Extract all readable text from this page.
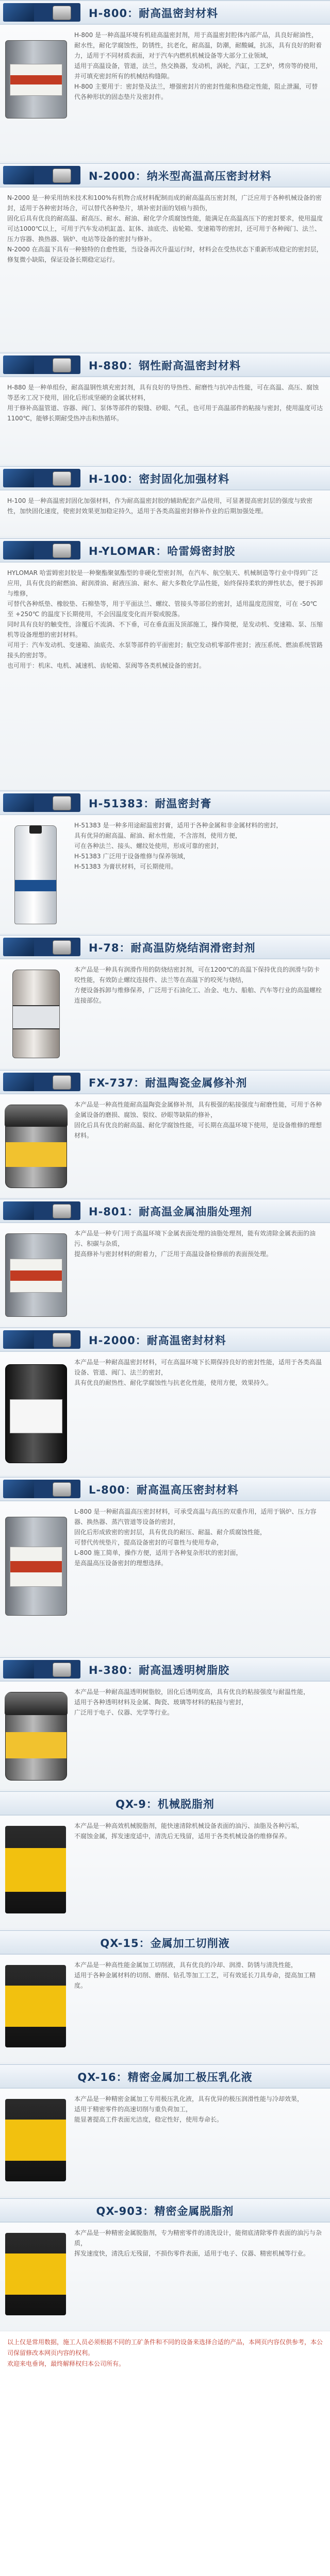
H-800：耐高温密封材料

H-800 是一种高温环境有机硅高温密封剂，用于高温密封腔体内部产品，具良好耐油性，耐水性，耐化学腐蚀性，防锈性，抗老化，耐高温，防潮，耐酸碱，抗冻，具有良好的附着力，适用于不同材质表面，对于汽车内燃机机械设备等大部分工业领域，

适用于高温设备，管道，法兰，热交换器，发动机，涡轮，汽缸，工艺炉，烤房等的使用，并可填充密封所有的机械结构缝隙。

H-800 主要用于：密封垫及法兰，增强密封片的密封性能和热稳定性能，阻止泄漏，可替代各种形状的固态垫片及密封件。

N-2000：纳米型高温高压密封材料

N-2000 是一种采用纳米技术和100%有机物合成材料配制而成的耐高温高压密封剂，广泛应用于各种机械设备的密封，适用于各种密封场合，可以替代各种垫片，填补密封面的划痕与损伤，

固化后具有优良的耐高温、耐高压、耐水、耐油、耐化学介质腐蚀性能，能满足在高温高压下的密封要求，使用温度可达1000℃以上，可用于汽车发动机缸盖、缸体、油底壳、齿轮箱、变速箱等的密封，还可用于各种阀门、法兰、压力容器、换热器、锅炉、电站等设备的密封与修补。

N-2000 在高温下具有一种独特的自愈性能，当设备再次升温运行时，材料会在受热状态下重新形成稳定的密封层，修复微小缺陷，保证设备长期稳定运行。

H-880：钢性耐高温密封材料

H-880 是一种单组份，耐高温钢性填充密封剂，具有良好的导热性、耐磨性与抗冲击性能，可在高温、高压、腐蚀等恶劣工况下使用，固化后形成坚硬的金属状材料，

用于修补高温管道、容器、阀门、泵体等部件的裂缝、砂眼、气孔，也可用于高温部件的粘接与密封，使用温度可达1100℃，能够长期耐受热冲击和热循环。

H-100：密封固化加强材料

H-100 是一种高温密封固化加强材料，作为耐高温密封胶的辅助配套产品使用，可显著提高密封层的强度与致密性，加快固化速度，使密封效果更加稳定持久，适用于各类高温密封修补作业的后期加强处理。

H-YLOMAR：哈雷姆密封胶

HYLOMAR 哈雷姆密封胶是一种聚酯聚氨酯型的非硬化型密封剂，在汽车、航空航天、机械制造等行业中得到广泛应用，具有优良的耐燃油、耐润滑油、耐液压油、耐水、耐大多数化学品性能，始终保持柔软的弹性状态，便于拆卸与维修，

可替代各种纸垫、橡胶垫、石棉垫等，用于平面法兰、螺纹、管接头等部位的密封，适用温度范围宽，可在 -50℃ 至 +250℃ 的温度下长期使用，不会因温度变化而开裂或脱落。

同时具有良好的触变性，涂覆后不流淌、不下垂，可在垂直面及顶部施工，操作简便，是发动机、变速箱、泵、压缩机等设备理想的密封材料。

可用于：汽车发动机、变速箱、油底壳、水泵等部件的平面密封；航空发动机零部件密封；液压系统、燃油系统管路接头的密封等。

也可用于：机床、电机、减速机、齿轮箱、泵阀等各类机械设备的密封。

H-51383：耐温密封膏

H-51383 是一种多用途耐温密封膏，适用于各种金属和非金属材料的密封，

具有优异的耐高温、耐油、耐水性能，不含溶剂，使用方便，

可在各种法兰、接头、螺纹处使用，形成可靠的密封，

H-51383 广泛用于设备维修与保养领域，

H-51383 为膏状材料，可长期使用。

H-78：耐高温防烧结润滑密封剂

本产品是一种具有润滑作用的防烧结密封剂，可在1200℃的高温下保持优良的润滑与防卡咬性能，有效防止螺纹连接件、法兰等在高温下的咬死与烧结，

方便设备拆卸与维修保养，广泛用于石油化工、冶金、电力、船舶、汽车等行业的高温螺栓连接部位。

FX-737：耐温陶瓷金属修补剂

本产品是一种高性能耐高温陶瓷金属修补剂，具有极强的粘接强度与耐磨性能，可用于各种金属设备的磨损、腐蚀、裂纹、砂眼等缺陷的修补，

固化后具有优良的耐高温、耐化学腐蚀性能，可长期在高温环境下使用，是设备维修的理想材料。

H-801：耐高温金属油脂处理剂

本产品是一种专门用于高温环境下金属表面处理的油脂处理剂，能有效清除金属表面的油污、积碳与杂质，

提高修补与密封材料的附着力，广泛用于高温设备检修前的表面预处理。

H-2000：耐高温密封材料

本产品是一种耐高温密封材料，可在高温环境下长期保持良好的密封性能，适用于各类高温设备、管道、阀门、法兰的密封，

具有优良的耐热性、耐化学腐蚀性与抗老化性能，使用方便，效果持久。

L-800：耐高温高压密封材料

L-800 是一种耐高温高压密封材料，可承受高温与高压的双重作用，适用于锅炉、压力容器、换热器、蒸汽管道等设备的密封，

固化后形成致密的密封层，具有优良的耐压、耐温、耐介质腐蚀性能，

可替代传统垫片，提高设备密封的可靠性与使用寿命，

L-800 施工简单，操作方便，适用于各种复杂形状的密封面，

是高温高压设备密封的理想选择。

H-380：耐高温透明树脂胶

本产品是一种耐高温透明树脂胶，固化后透明度高，具有优良的粘接强度与耐温性能，

适用于各种透明材料及金属、陶瓷、玻璃等材料的粘接与密封，

广泛用于电子、仪器、光学等行业。

QX-9：机械脱脂剂

本产品是一种高效机械脱脂剂，能快速清除机械设备表面的油污、油脂及各种污垢，

不腐蚀金属，挥发速度适中，清洗后无残留，适用于各类机械设备的维修保养。

QX-15：金属加工切削液

本产品是一种高性能金属加工切削液，具有优良的冷却、润滑、防锈与清洗性能，

适用于各种金属材料的切削、磨削、钻孔等加工工艺，可有效延长刀具寿命，提高加工精度。

QX-16：精密金属加工极压乳化液

本产品是一种精密金属加工专用极压乳化液，具有优异的极压润滑性能与冷却效果，

适用于精密零件的高速切削与重负荷加工，

能显著提高工件表面光洁度，稳定性好，使用寿命长。

QX-903：精密金属脱脂剂

本产品是一种精密金属脱脂剂，专为精密零件的清洗设计，能彻底清除零件表面的油污与杂质，

挥发速度快，清洗后无残留，不损伤零件表面，适用于电子、仪器、精密机械等行业。

以上仅是常用数据，施工人员必须根据不同的工矿条件和不同的设备来选择合适的产品，本网页内容仅供参考，本公司保留修改本网页内容的权利。

欢迎来电垂询，最终解释权归本公司所有。
